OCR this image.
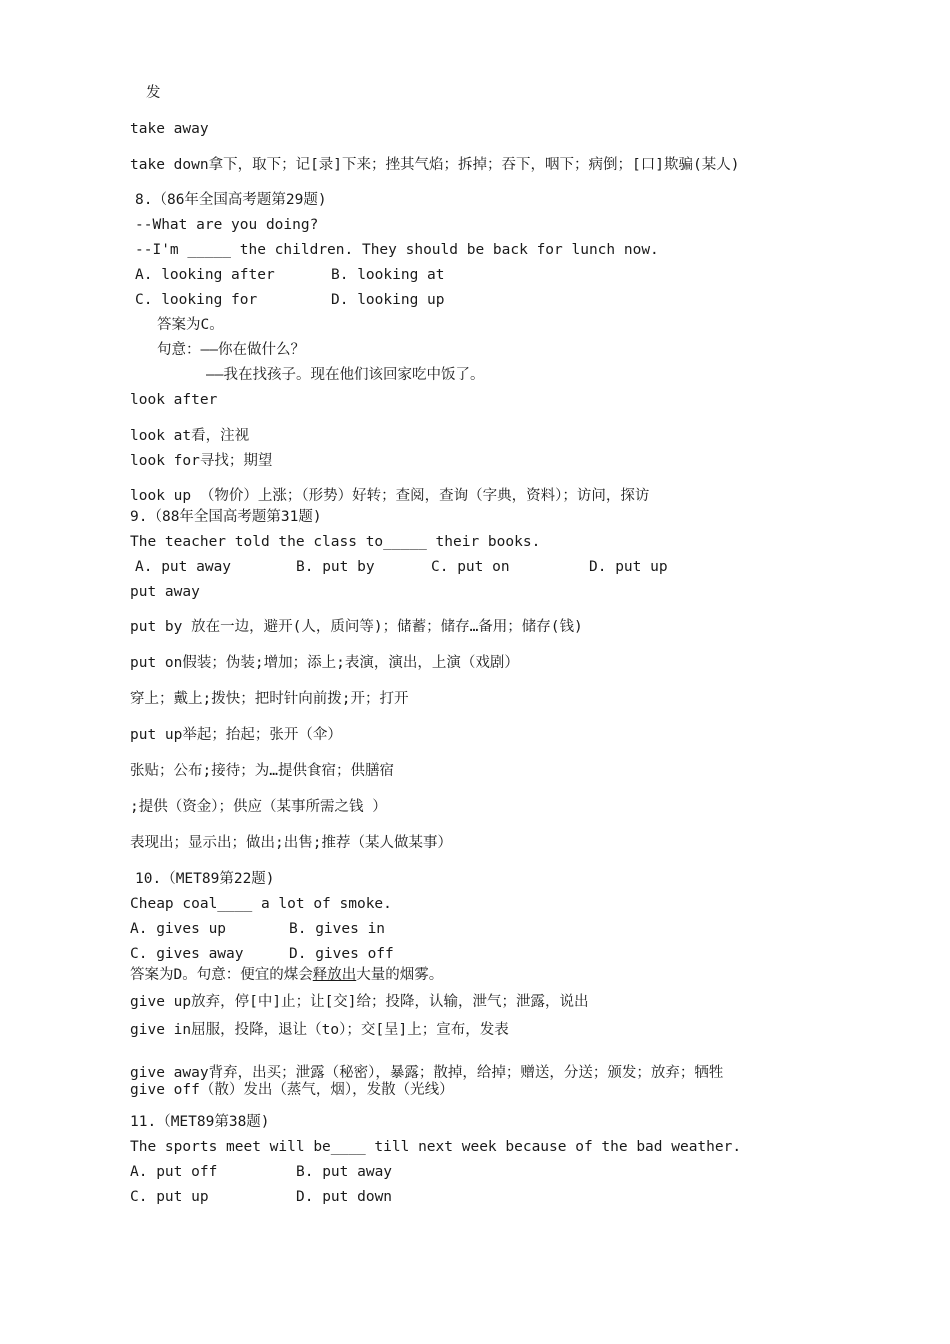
发
take away
take down拿下，取下；记[录]下来；挫其气焰；拆掉；吞下，咽下；病倒；[口]欺骗(某人)
8.（86年全国高考题第29题)
--What are you doing?
--I'm _____ the children. They should be back for lunch now.
A. looking after	B. looking at
C. looking for	D. looking up
答案为C。
句意：——你在做什么？
——我在找孩子。现在他们该回家吃中饭了。
look after
look at看，注视
look for寻找；期望
look up （物价）上涨；（形势）好转；查阅，查询（字典，资料）；访问，探访
9.（88年全国高考题第31题)
The teacher told the class to_____ their books.
A. put away	B. put by	C. put on	D. put up
put away
put by 放在一边，避开(人，质问等)；储蓄；储存…备用；储存(钱)
put on假装；伪装;增加；添上;表演，演出，上演（戏剧）
穿上；戴上;拨快；把时针向前拨;开；打开
put up举起；抬起；张开（伞）
张贴；公布;接待；为…提供食宿；供膳宿
;提供（资金）；供应（某事所需之钱 ）
表现出；显示出；做出;出售;推荐（某人做某事）
10.（MET89第22题)
Cheap coal____ a lot of smoke.
A. gives up	B. gives in
C. gives away	D. gives off
答案为D。句意：便宜的煤会释放出大量的烟雾。
give up放弃，停[中]止；让[交]给；投降，认输，泄气；泄露，说出
give in屈服，投降，退让（to）；交[呈]上；宣布，发表
give away背弃，出买；泄露（秘密），暴露；散掉，给掉；赠送，分送；颁发；放弃；牺牲
give off（散）发出（蒸气，烟），发散（光线）
11.（MET89第38题)
The sports meet will be____ till next week because of the bad weather.
A. put off	B. put away
C. put up	D. put down
